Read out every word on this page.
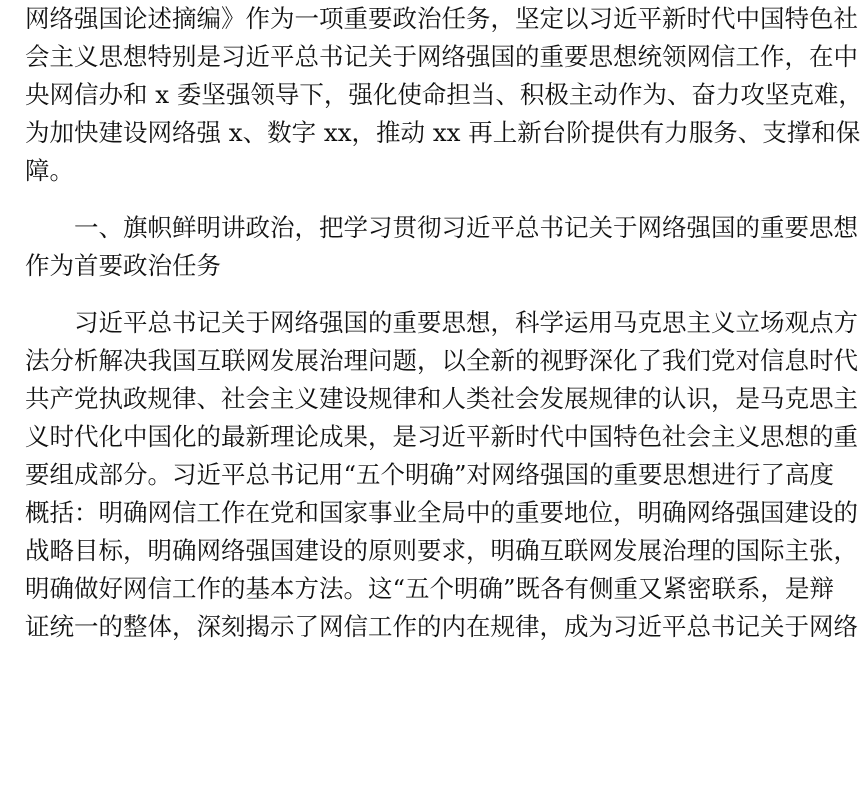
网络强国论述摘编》作为一项重要政治任务，坚定以习近平新时代中国特色社
会主义思想特别是习近平总书记关于网络强国的重要思想统领网信工作，在中
央网信办和 x 委坚强领导下，强化使命担当、积极主动作为、奋力攻坚克难，
为加快建设网络强 x、数字 xx，推动 xx 再上新台阶提供有力服务、支撑和保
障。
一、旗帜鲜明讲政治，把学习贯彻习近平总书记关于网络强国的重要思想
作为首要政治任务
习近平总书记关于网络强国的重要思想，科学运用马克思主义立场观点方
法分析解决我国互联网发展治理问题，以全新的视野深化了我们党对信息时代
共产党执政规律、社会主义建设规律和人类社会发展规律的认识，是马克思主
义时代化中国化的最新理论成果，是习近平新时代中国特色社会主义思想的重
要组成部分。习近平总书记用“五个明确”对网络强国的重要思想进行了高度
概括：明确网信工作在党和国家事业全局中的重要地位，明确网络强国建设的
战略目标，明确网络强国建设的原则要求，明确互联网发展治理的国际主张，
明确做好网信工作的基本方法。这“五个明确”既各有侧重又紧密联系，是辩
证统一的整体，深刻揭示了网信工作的内在规律，成为习近平总书记关于网络
